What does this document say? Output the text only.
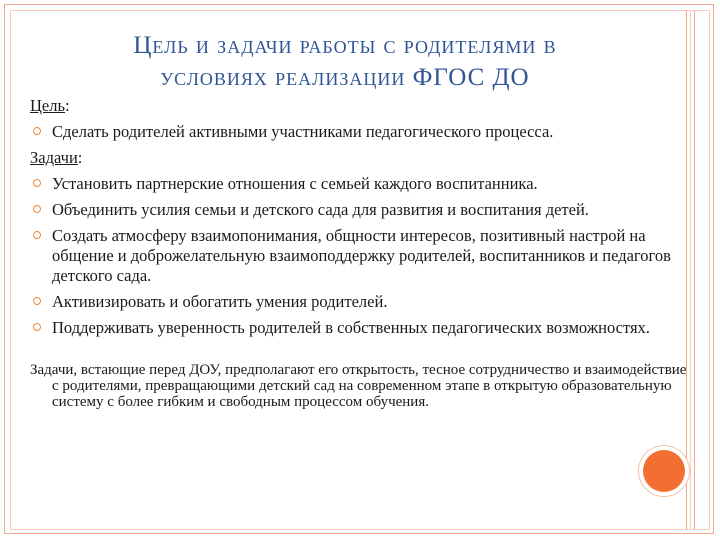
Цель и задачи работы с родителями в
условиях реализации ФГОС ДО
Цель:
Сделать родителей активными участниками педагогического процесса.
Задачи:
Установить партнерские отношения с семьей каждого воспитанника.
Объединить усилия семьи и детского сада для развития и воспитания детей.
Создать атмосферу взаимопонимания, общности интересов, позитивный настрой на общение и доброжелательную взаимоподдержку родителей, воспитанников и педагогов детского сада.
Активизировать и обогатить умения родителей.
Поддерживать уверенность родителей в собственных педагогических возможностях.
Задачи, встающие перед ДОУ, предполагают его открытость, тесное сотрудничество и взаимодействие с родителями, превращающими детский сад на современном этапе в открытую образовательную систему с более гибким и свободным процессом обучения.
